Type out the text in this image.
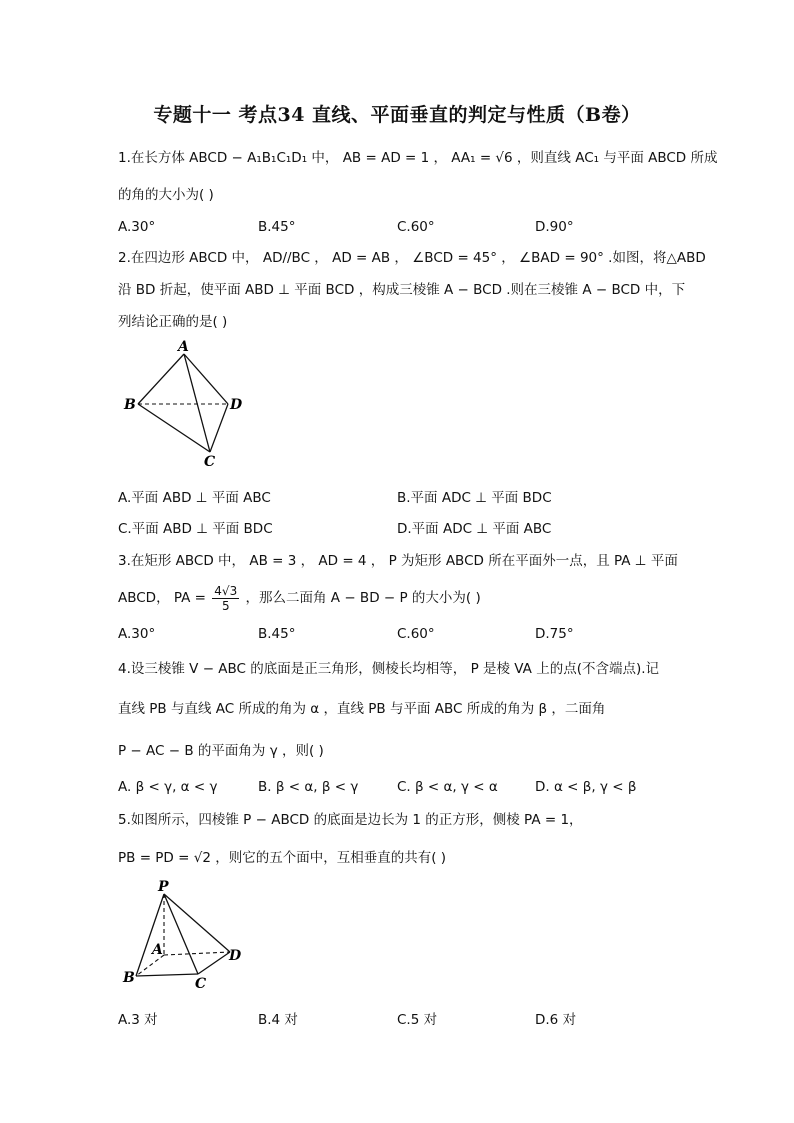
专题十一 考点34 直线、平面垂直的判定与性质（B卷）
1.在长方体 ABCD − A₁B₁C₁D₁ 中， AB = AD = 1 ， AA₁ = √6 ，则直线 AC₁ 与平面 ABCD 所成
的角的大小为( )
A.30°	B.45°	C.60°	D.90°
2.在四边形 ABCD 中， AD//BC ， AD = AB ， ∠BCD = 45° ， ∠BAD = 90° .如图，将△ABD
沿 BD 折起，使平面 ABD ⊥ 平面 BCD ，构成三棱锥 A − BCD .则在三棱锥 A − BCD 中，下
列结论正确的是( )
A
B	D
C
A.平面 ABD ⊥ 平面 ABC	B.平面 ADC ⊥ 平面 BDC
C.平面 ABD ⊥ 平面 BDC	D.平面 ADC ⊥ 平面 ABC
3.在矩形 ABCD 中， AB = 3 ， AD = 4 ， P 为矩形 ABCD 所在平面外一点，且 PA ⊥ 平面
ABCD， PA = $\frac{4√3}{5}$ ，那么二面角 A − BD − P 的大小为( )
A.30°	B.45°	C.60°	D.75°
4.设三棱锥 V − ABC 的底面是正三角形，侧棱长均相等， P 是棱 VA 上的点(不含端点).记
直线 PB 与直线 AC 所成的角为 α ，直线 PB 与平面 ABC 所成的角为 β ，二面角
P − AC − B 的平面角为 γ ，则( )
A. β < γ, α < γ	B. β < α, β < γ	C. β < α, γ < α	D. α < β, γ < β
5.如图所示，四棱锥 P − ABCD 的底面是边长为 1 的正方形，侧棱 PA = 1，
PB = PD = √2 ，则它的五个面中，互相垂直的共有( )
P
A	D
B	C
A.3 对	B.4 对	C.5 对	D.6 对
